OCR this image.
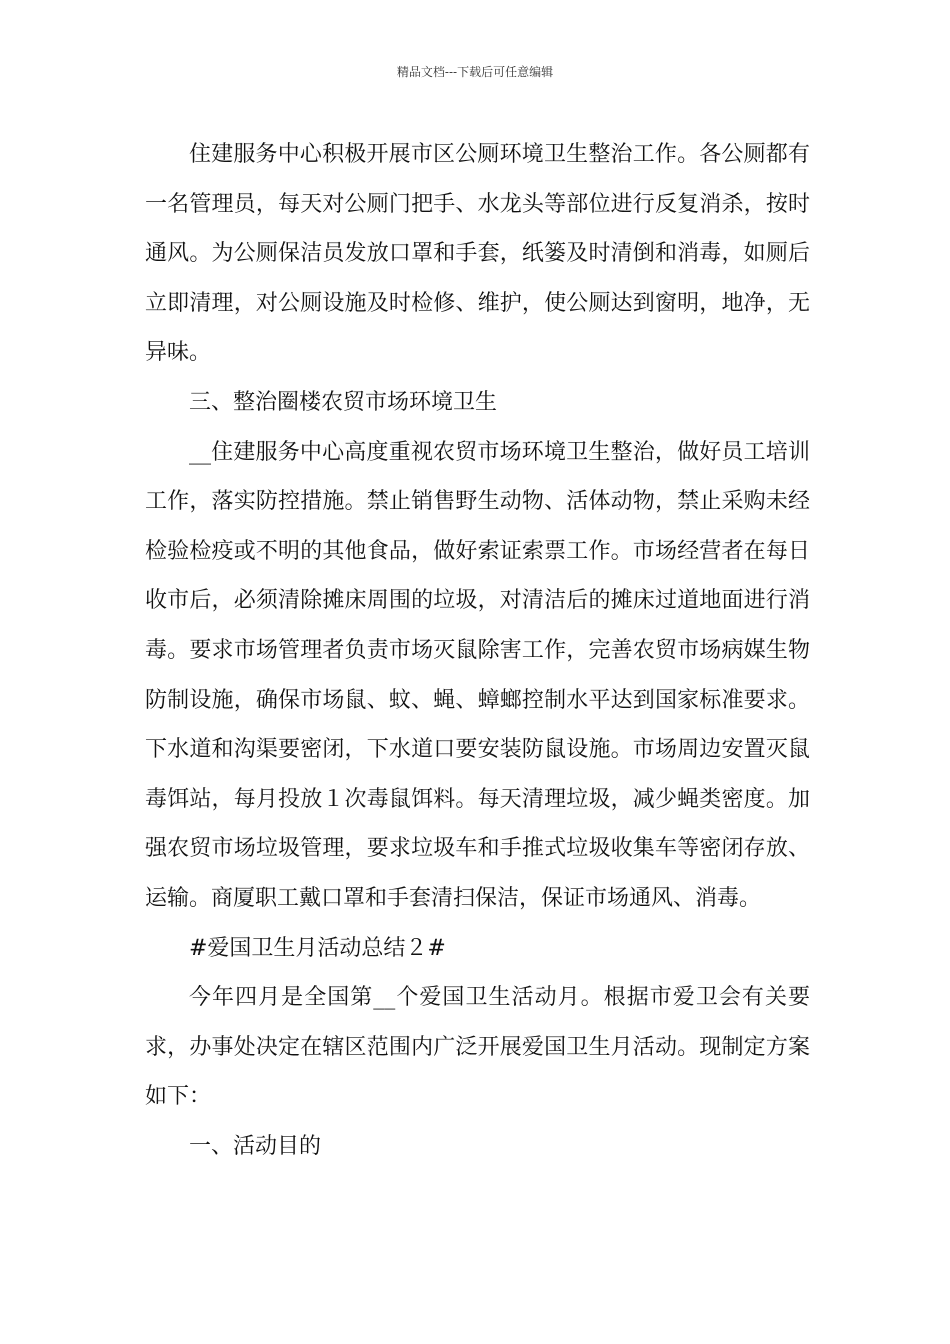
精品文档---下载后可任意编辑

住建服务中心积极开展市区公厕环境卫生整治工作。各公厕都有一名管理员，每天对公厕门把手、水龙头等部位进行反复消杀，按时通风。为公厕保洁员发放口罩和手套，纸篓及时清倒和消毒，如厕后立即清理，对公厕设施及时检修、维护，使公厕达到窗明，地净，无异味。

三、整治圈楼农贸市场环境卫生

__住建服务中心高度重视农贸市场环境卫生整治，做好员工培训工作，落实防控措施。禁止销售野生动物、活体动物，禁止采购未经检验检疫或不明的其他食品，做好索证索票工作。市场经营者在每日收市后，必须清除摊床周围的垃圾，对清洁后的摊床过道地面进行消毒。要求市场管理者负责市场灭鼠除害工作，完善农贸市场病媒生物防制设施，确保市场鼠、蚊、蝇、蟑螂控制水平达到国家标准要求。下水道和沟渠要密闭，下水道口要安装防鼠设施。市场周边安置灭鼠毒饵站，每月投放１次毒鼠饵料。每天清理垃圾，减少蝇类密度。加强农贸市场垃圾管理，要求垃圾车和手推式垃圾收集车等密闭存放、运输。商厦职工戴口罩和手套清扫保洁，保证市场通风、消毒。

#爱国卫生月活动总结２#

今年四月是全国第__个爱国卫生活动月。根据市爱卫会有关要求，办事处决定在辖区范围内广泛开展爱国卫生月活动。现制定方案如下：

一、活动目的
